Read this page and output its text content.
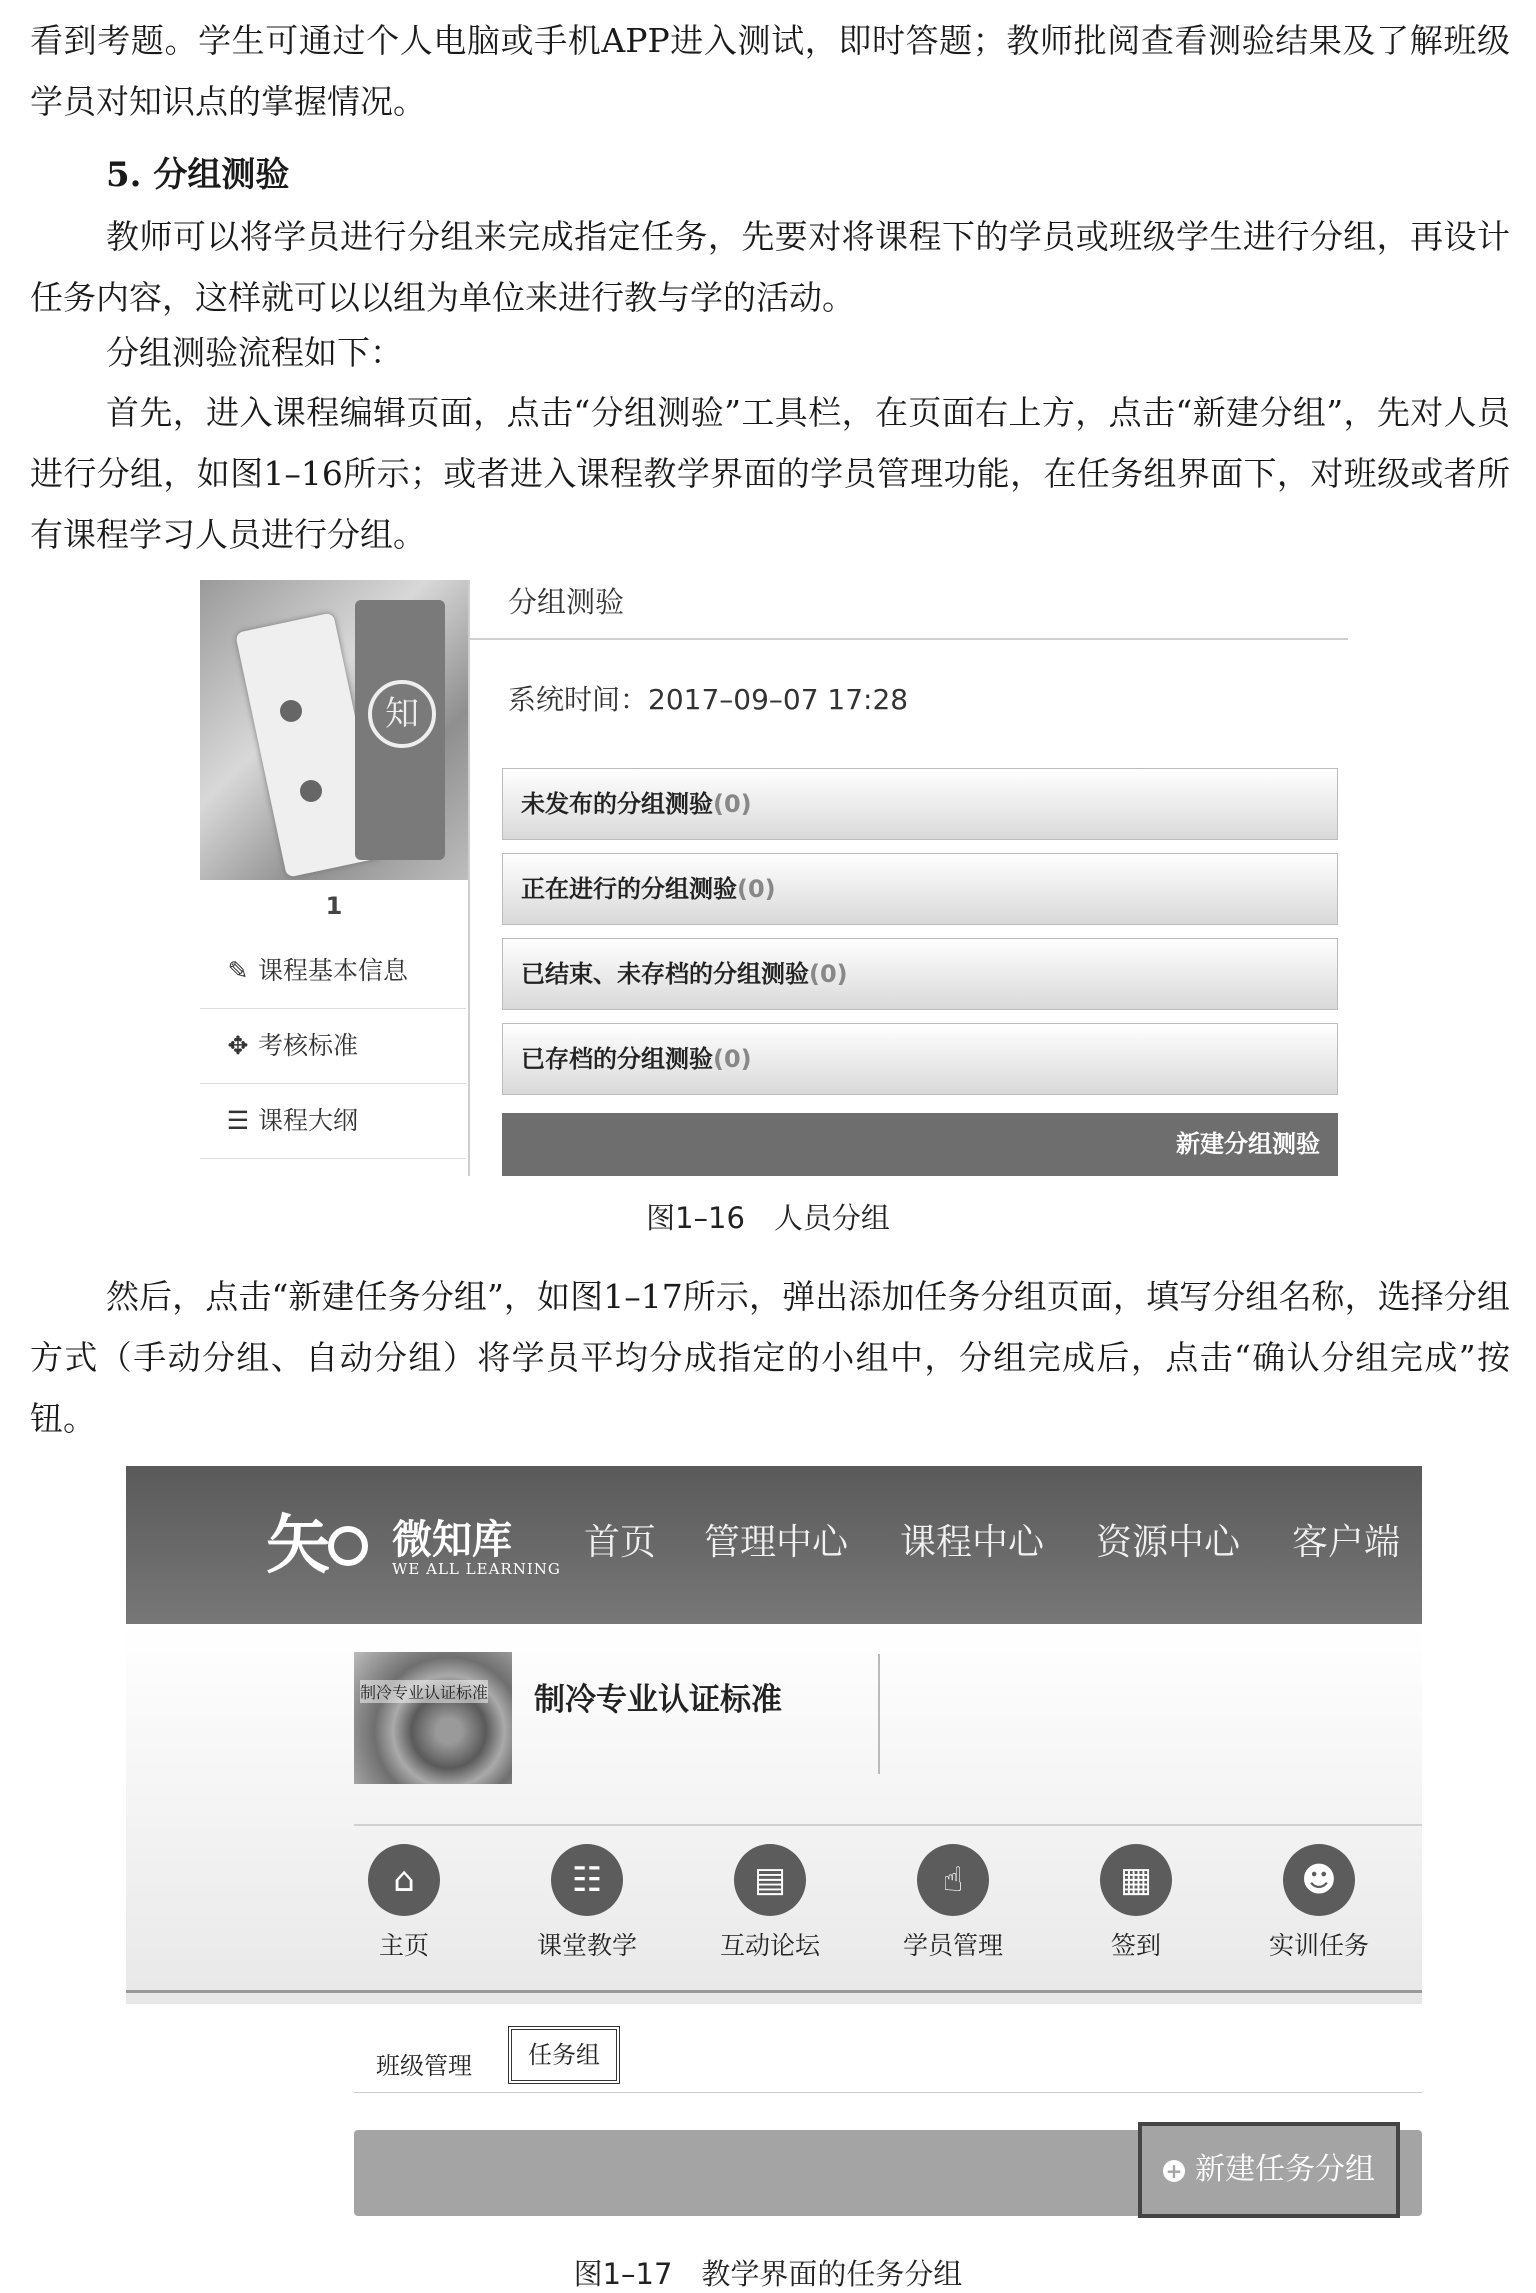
看到考题。学生可通过个人电脑或手机APP进入测试，即时答题；教师批阅查看测验结果及了解班级学员对知识点的掌握情况。

5. 分组测验

教师可以将学员进行分组来完成指定任务，先要对将课程下的学员或班级学生进行分组，再设计任务内容，这样就可以以组为单位来进行教与学的活动。

分组测验流程如下：

首先，进入课程编辑页面，点击“分组测验”工具栏，在页面右上方，点击“新建分组”，先对人员进行分组，如图1–16所示；或者进入课程教学界面的学员管理功能，在任务组界面下，对班级或者所有课程学习人员进行分组。

知
1
✎ 课程基本信息
✥ 考核标准
☰ 课程大纲
分组测验
系统时间：2017–09–07 17:28
未发布的分组测验(0)
正在进行的分组测验(0)
已结束、未存档的分组测验(0)
已存档的分组测验(0)
新建分组测验
图1–16　人员分组

然后，点击“新建任务分组”，如图1–17所示，弹出添加任务分组页面，填写分组名称，选择分组方式（手动分组、自动分组）将学员平均分成指定的小组中，分组完成后，点击“确认分组完成”按钮。

矢	微知库
WE ALL LEARNING
首页 管理中心 课程中心 资源中心 客户端
制冷专业认证标准 制冷专业认证标准
⌂
主页
☷
课堂教学
▤
互动论坛
☝
学员管理
▦
签到
☻
实训任务
班级管理	任务组
+ 新建任务分组
图1–17　教学界面的任务分组
